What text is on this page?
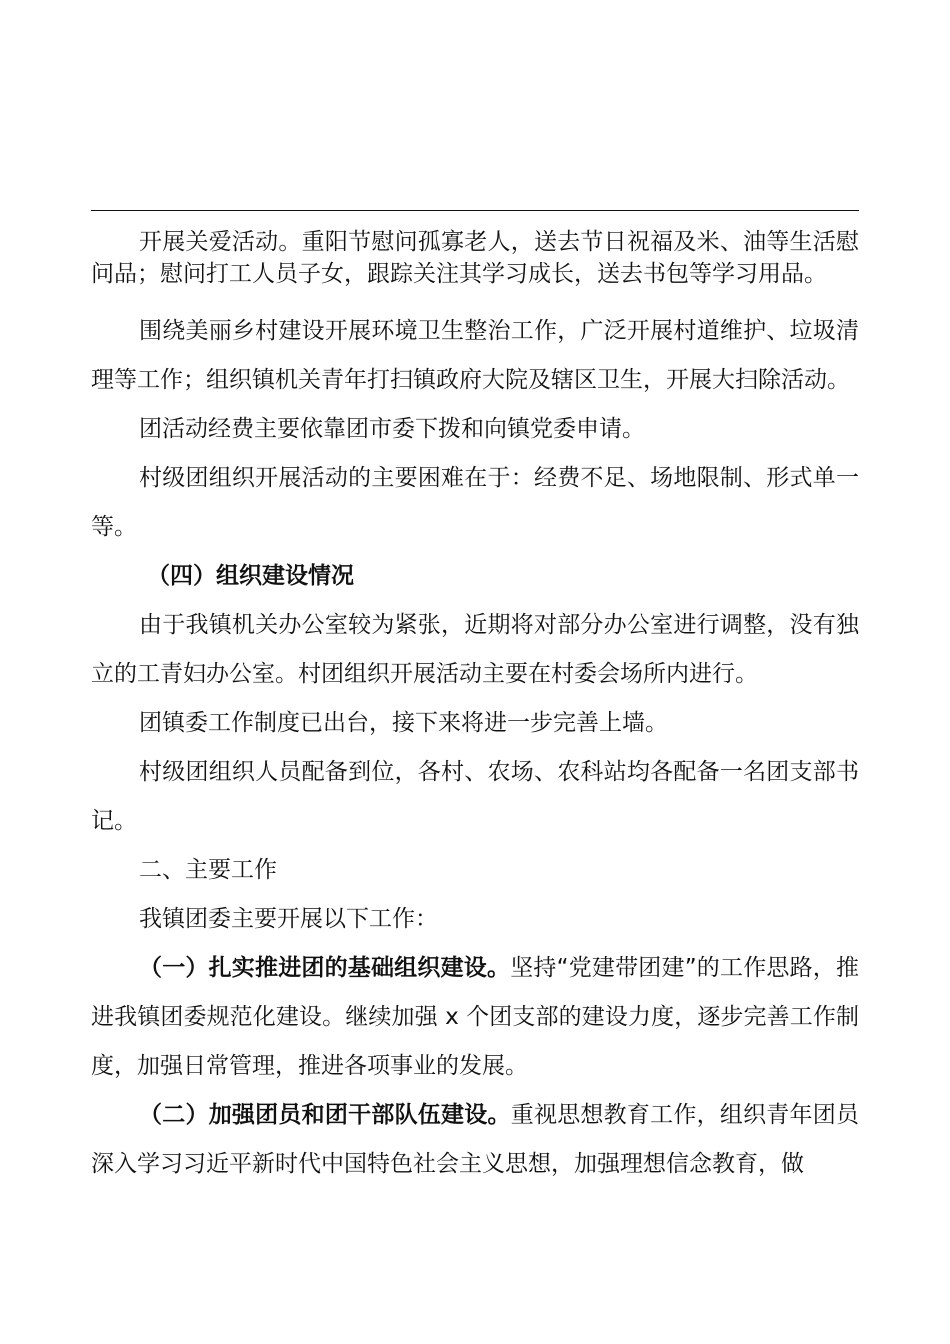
开展关爱活动。重阳节慰问孤寡老人，送去节日祝福及米、油等生活慰问品；慰问打工人员子女，跟踪关注其学习成长，送去书包等学习用品。

围绕美丽乡村建设开展环境卫生整治工作，广泛开展村道维护、垃圾清理等工作；组织镇机关青年打扫镇政府大院及辖区卫生，开展大扫除活动。

团活动经费主要依靠团市委下拨和向镇党委申请。

村级团组织开展活动的主要困难在于：经费不足、场地限制、形式单一等。

（四）组织建设情况

由于我镇机关办公室较为紧张，近期将对部分办公室进行调整，没有独立的工青妇办公室。村团组织开展活动主要在村委会场所内进行。

团镇委工作制度已出台，接下来将进一步完善上墙。

村级团组织人员配备到位，各村、农场、农科站均各配备一名团支部书记。

二、主要工作

我镇团委主要开展以下工作：

（一）扎实推进团的基础组织建设。坚持“党建带团建”的工作思路，推进我镇团委规范化建设。继续加强 x 个团支部的建设力度，逐步完善工作制度，加强日常管理，推进各项事业的发展。

（二）加强团员和团干部队伍建设。重视思想教育工作，组织青年团员深入学习习近平新时代中国特色社会主义思想，加强理想信念教育，做
